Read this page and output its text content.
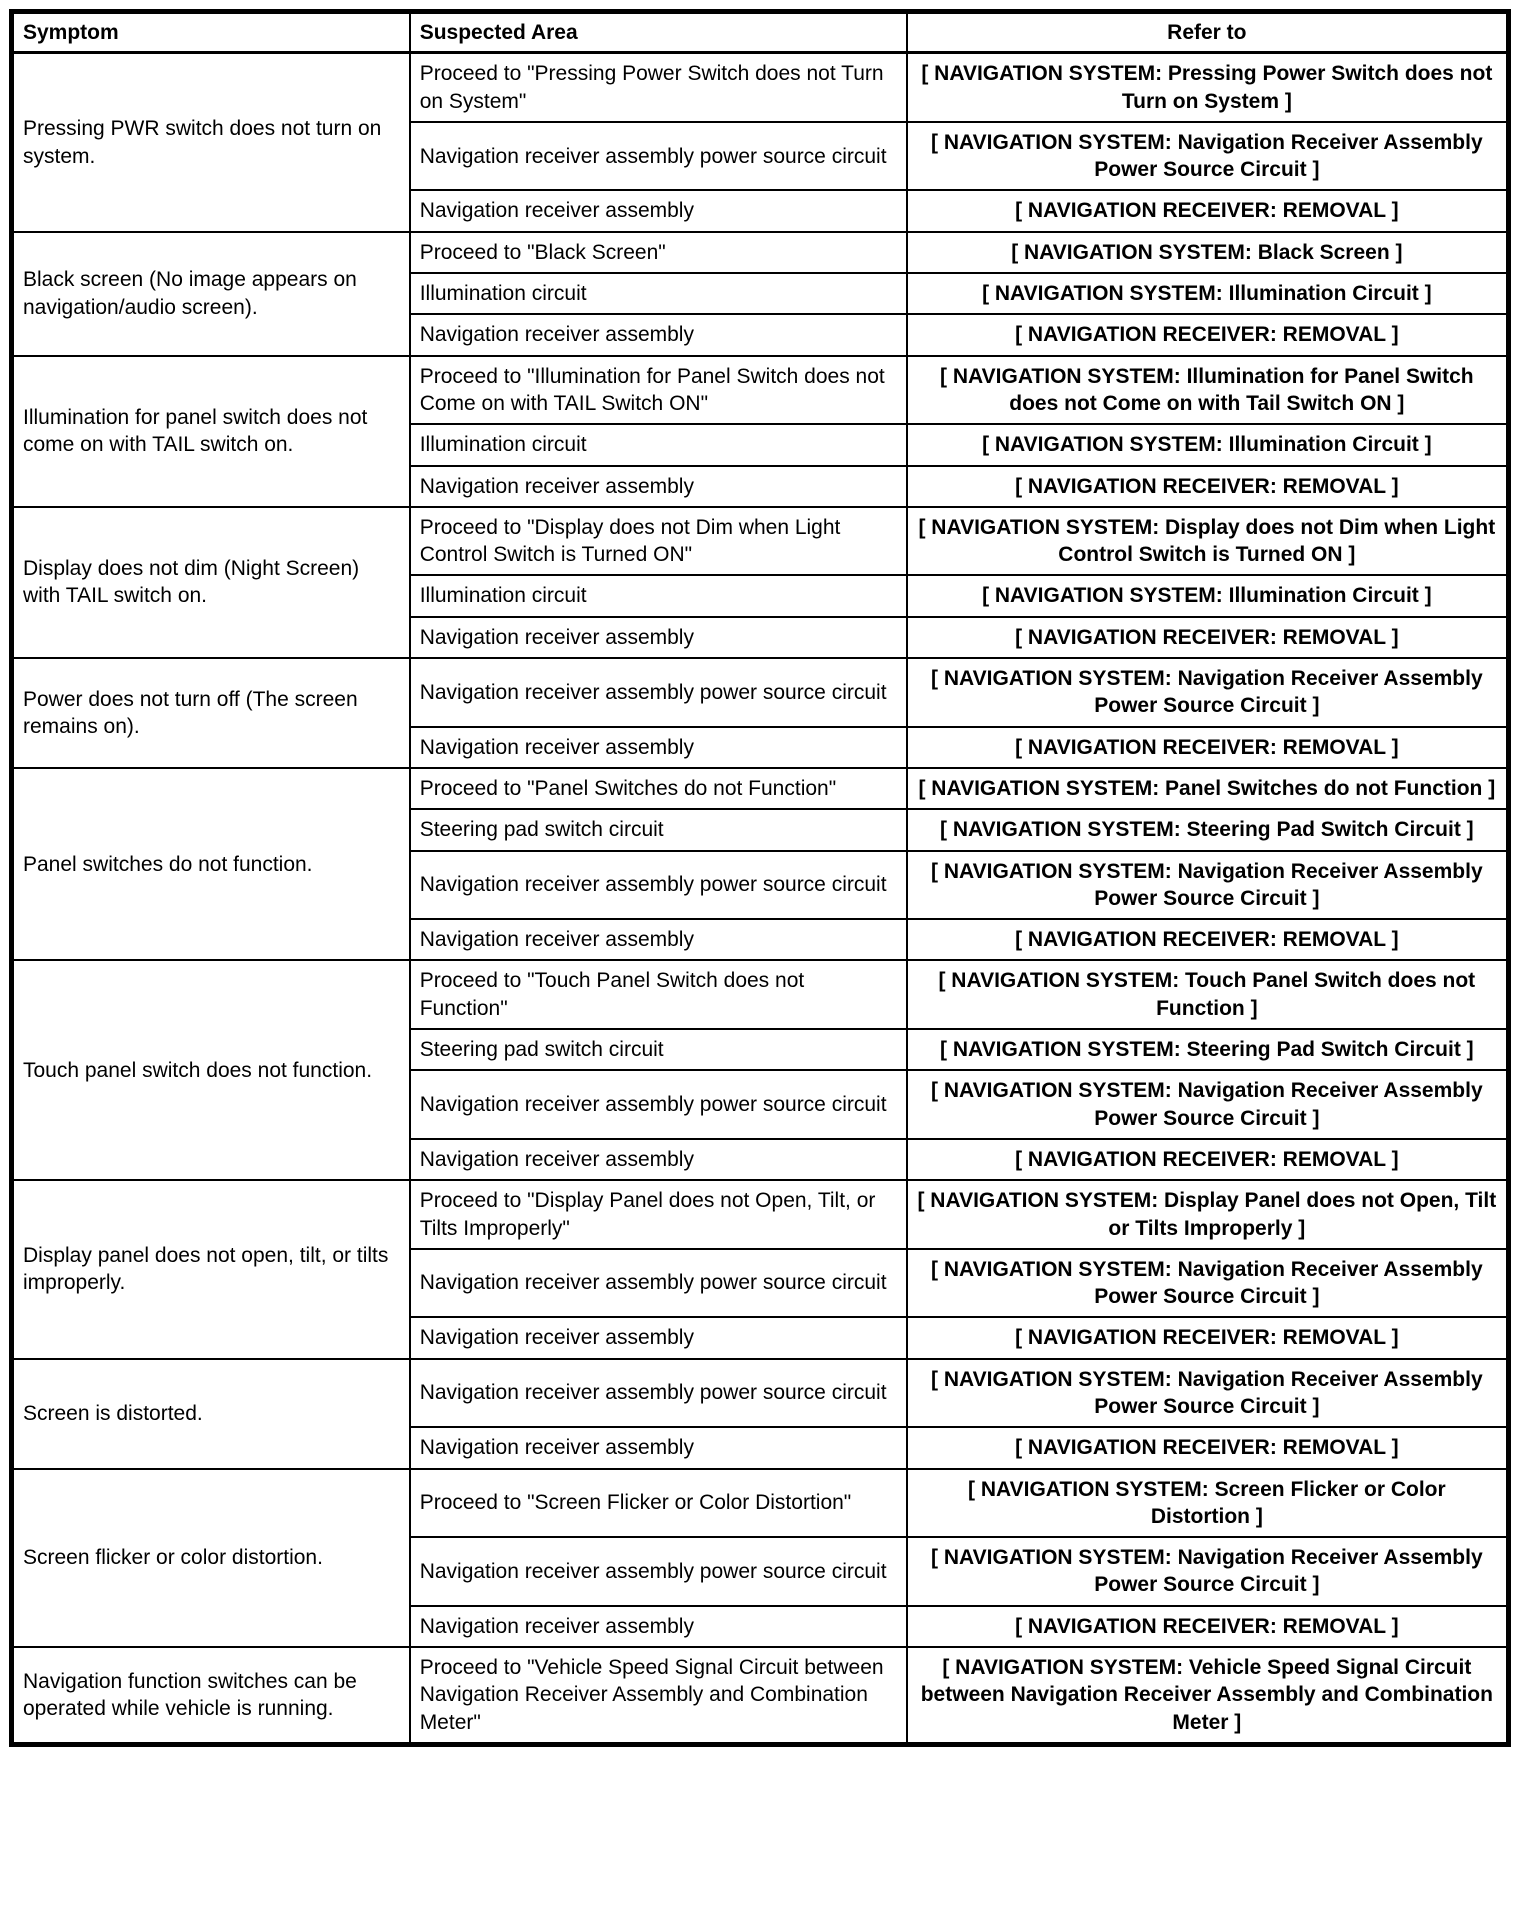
Symptom	Suspected Area	Refer to
Pressing PWR switch does not turn on system.	Proceed to "Pressing Power Switch does not Turn on System"	[ NAVIGATION SYSTEM: Pressing Power Switch does not Turn on System ]
	Navigation receiver assembly power source circuit	[ NAVIGATION SYSTEM: Navigation Receiver Assembly Power Source Circuit ]
	Navigation receiver assembly	[ NAVIGATION RECEIVER: REMOVAL ]
Black screen (No image appears on navigation/audio screen).	Proceed to "Black Screen"	[ NAVIGATION SYSTEM: Black Screen ]
	Illumination circuit	[ NAVIGATION SYSTEM: Illumination Circuit ]
	Navigation receiver assembly	[ NAVIGATION RECEIVER: REMOVAL ]
Illumination for panel switch does not come on with TAIL switch on.	Proceed to "Illumination for Panel Switch does not Come on with TAIL Switch ON"	[ NAVIGATION SYSTEM: Illumination for Panel Switch does not Come on with Tail Switch ON ]
	Illumination circuit	[ NAVIGATION SYSTEM: Illumination Circuit ]
	Navigation receiver assembly	[ NAVIGATION RECEIVER: REMOVAL ]
Display does not dim (Night Screen) with TAIL switch on.	Proceed to "Display does not Dim when Light Control Switch is Turned ON"	[ NAVIGATION SYSTEM: Display does not Dim when Light Control Switch is Turned ON ]
	Illumination circuit	[ NAVIGATION SYSTEM: Illumination Circuit ]
	Navigation receiver assembly	[ NAVIGATION RECEIVER: REMOVAL ]
Power does not turn off (The screen remains on).	Navigation receiver assembly power source circuit	[ NAVIGATION SYSTEM: Navigation Receiver Assembly Power Source Circuit ]
	Navigation receiver assembly	[ NAVIGATION RECEIVER: REMOVAL ]
Panel switches do not function.	Proceed to "Panel Switches do not Function"	[ NAVIGATION SYSTEM: Panel Switches do not Function ]
	Steering pad switch circuit	[ NAVIGATION SYSTEM: Steering Pad Switch Circuit ]
	Navigation receiver assembly power source circuit	[ NAVIGATION SYSTEM: Navigation Receiver Assembly Power Source Circuit ]
	Navigation receiver assembly	[ NAVIGATION RECEIVER: REMOVAL ]
Touch panel switch does not function.	Proceed to "Touch Panel Switch does not Function"	[ NAVIGATION SYSTEM: Touch Panel Switch does not Function ]
	Steering pad switch circuit	[ NAVIGATION SYSTEM: Steering Pad Switch Circuit ]
	Navigation receiver assembly power source circuit	[ NAVIGATION SYSTEM: Navigation Receiver Assembly Power Source Circuit ]
	Navigation receiver assembly	[ NAVIGATION RECEIVER: REMOVAL ]
Display panel does not open, tilt, or tilts improperly.	Proceed to "Display Panel does not Open, Tilt, or Tilts Improperly"	[ NAVIGATION SYSTEM: Display Panel does not Open, Tilt or Tilts Improperly ]
	Navigation receiver assembly power source circuit	[ NAVIGATION SYSTEM: Navigation Receiver Assembly Power Source Circuit ]
	Navigation receiver assembly	[ NAVIGATION RECEIVER: REMOVAL ]
Screen is distorted.	Navigation receiver assembly power source circuit	[ NAVIGATION SYSTEM: Navigation Receiver Assembly Power Source Circuit ]
	Navigation receiver assembly	[ NAVIGATION RECEIVER: REMOVAL ]
Screen flicker or color distortion.	Proceed to "Screen Flicker or Color Distortion"	[ NAVIGATION SYSTEM: Screen Flicker or Color Distortion ]
	Navigation receiver assembly power source circuit	[ NAVIGATION SYSTEM: Navigation Receiver Assembly Power Source Circuit ]
	Navigation receiver assembly	[ NAVIGATION RECEIVER: REMOVAL ]
Navigation function switches can be operated while vehicle is running.	Proceed to "Vehicle Speed Signal Circuit between Navigation Receiver Assembly and Combination Meter"	[ NAVIGATION SYSTEM: Vehicle Speed Signal Circuit between Navigation Receiver Assembly and Combination Meter ]
